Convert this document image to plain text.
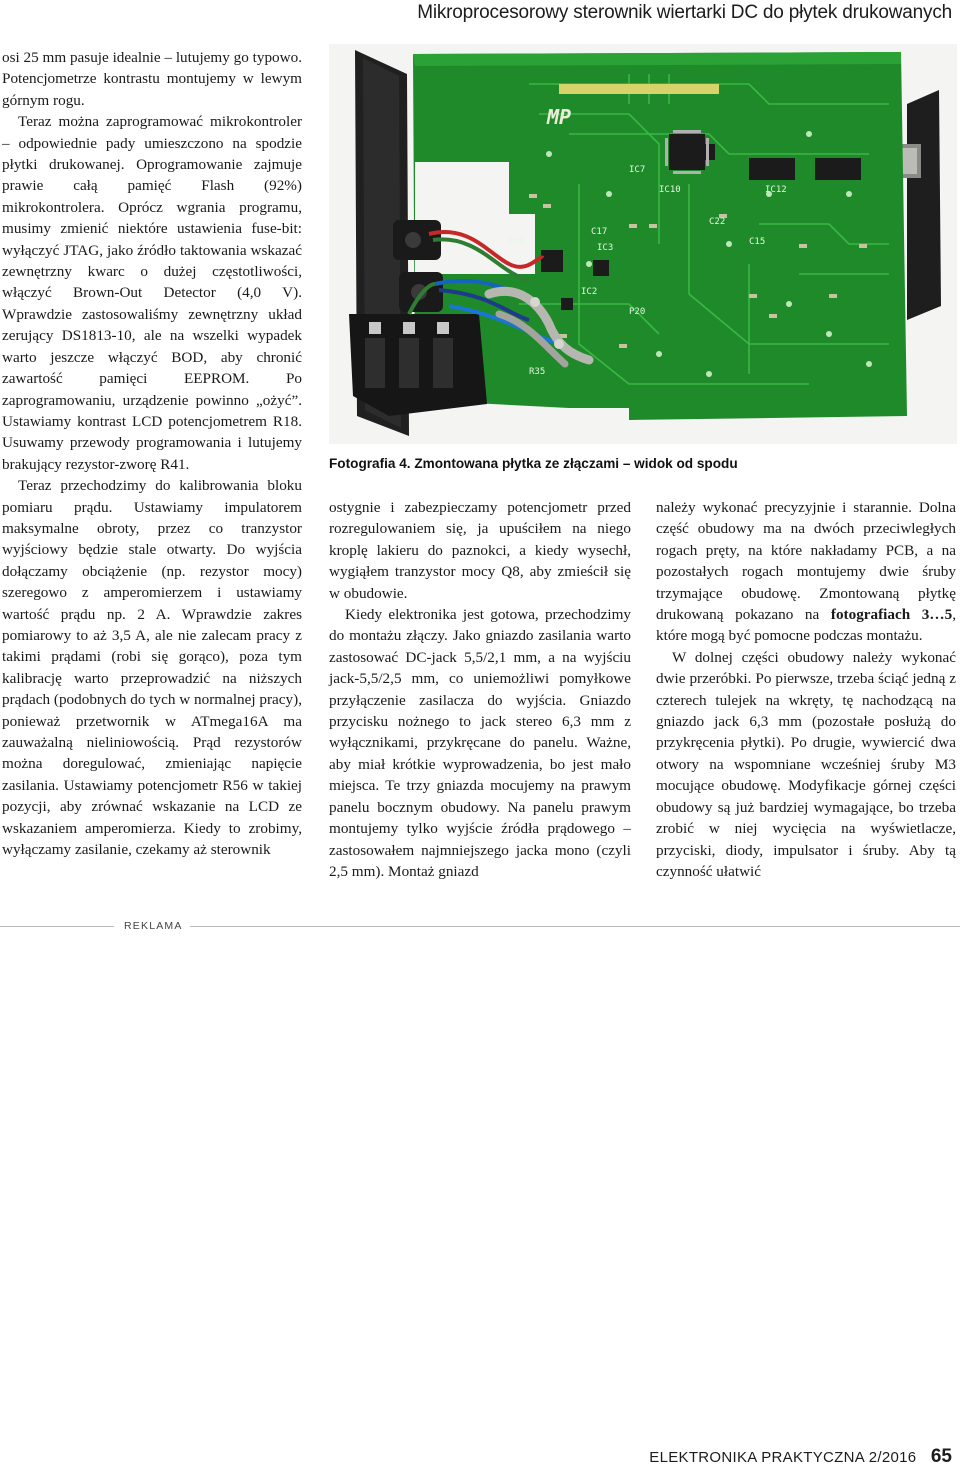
Mikroprocesorowy sterownik wiertarki DC do płytek drukowanych

osi 25 mm pasuje idealnie – lutujemy go typowo. Potencjometrze kontrastu montujemy w lewym górnym rogu.

Teraz można zaprogramować mikrokontroler – odpowiednie pady umieszczono na spodzie płytki drukowanej. Oprogramowanie zajmuje prawie całą pamięć Flash (92%) mikrokontrolera. Oprócz wgrania programu, musimy zmienić niektóre ustawienia fuse-bit: wyłączyć JTAG, jako źródło taktowania wskazać zewnętrzny kwarc o dużej częstotliwości, włączyć Brown-Out Detector (4,0 V). Wprawdzie zastosowaliśmy zewnętrzny układ zerujący DS1813-10, ale na wszelki wypadek warto jeszcze włączyć BOD, aby chronić zawartość pamięci EEPROM. Po zaprogramowaniu, urządzenie powinno „ożyć”. Ustawiamy kontrast LCD potencjometrem R18. Usuwamy przewody programowania i lutujemy brakujący rezystor-zworę R41.

Teraz przechodzimy do kalibrowania bloku pomiaru prądu. Ustawiamy impulatorem maksymalne obroty, przez co tranzystor wyjściowy będzie stale otwarty. Do wyjścia dołączamy obciążenie (np. rezystor mocy) szeregowo z amperomierzem i ustawiamy wartość prądu np. 2 A. Wprawdzie zakres pomiarowy to aż 3,5 A, ale nie zalecam pracy z takimi prądami (robi się gorąco), poza tym kalibrację warto przeprowadzić na niższych prądach (podobnych do tych w normalnej pracy), ponieważ przetwornik w ATmega16A ma zauważalną nieliniowością. Prąd rezystorów można doregulować, zmieniając napięcie zasilania. Ustawiamy potencjometr R56 w takiej pozycji, aby zrównać wskazanie na LCD ze wskazaniem amperomierza. Kiedy to zrobimy, wyłączamy zasilanie, czekamy aż sterownik

MP
IC10	IC12
IC7
IC2
IC3
R50
C17
C22
C15
P20
R35
Fotografia 4. Zmontowana płytka ze złączami – widok od spodu

ostygnie i zabezpieczamy potencjometr przed rozregulowaniem się, ja upuściłem na niego kroplę lakieru do paznokci, a kiedy wysechł, wygiąłem tranzystor mocy Q8, aby zmieścił się w obudowie.

Kiedy elektronika jest gotowa, przechodzimy do montażu złączy. Jako gniazdo zasilania warto zastosować DC-jack 5,5/2,1 mm, a na wyjściu jack-5,5/2,5 mm, co uniemożliwi pomyłkowe przyłączenie zasilacza do wyjścia. Gniazdo przycisku nożnego to jack stereo 6,3 mm z wyłącznikami, przykręcane do panelu. Ważne, aby miał krótkie wyprowadzenia, bo jest mało miejsca. Te trzy gniazda mocujemy na prawym panelu bocznym obudowy. Na panelu prawym montujemy tylko wyjście źródła prądowego – zastosowałem najmniejszego jacka mono (czyli 2,5 mm). Montaż gniazd

należy wykonać precyzyjnie i starannie. Dolna część obudowy ma na dwóch przeciwległych rogach pręty, na które nakładamy PCB, a na pozostałych rogach montujemy dwie śruby trzymające obudowę. Zmontowaną płytkę drukowaną pokazano na fotografiach 3…5, które mogą być pomocne podczas montażu.

W dolnej części obudowy należy wykonać dwie przeróbki. Po pierwsze, trzeba ściąć jedną z czterech tulejek na wkręty, tę nachodzącą na gniazdo jack 6,3 mm (pozostałe posłużą do przykręcenia płytki). Po drugie, wywiercić dwa otwory na wspomniane wcześniej śruby M3 mocujące obudowę. Modyfikacje górnej części obudowy są już bardziej wymagające, bo trzeba zrobić w niej wycięcia na wyświetlacze, przyciski, diody, impulsator i śruby. Aby tą czynność ułatwić

REKLAMA
ELEKTRONIKA PRAKTYCZNA 2/2016 65
